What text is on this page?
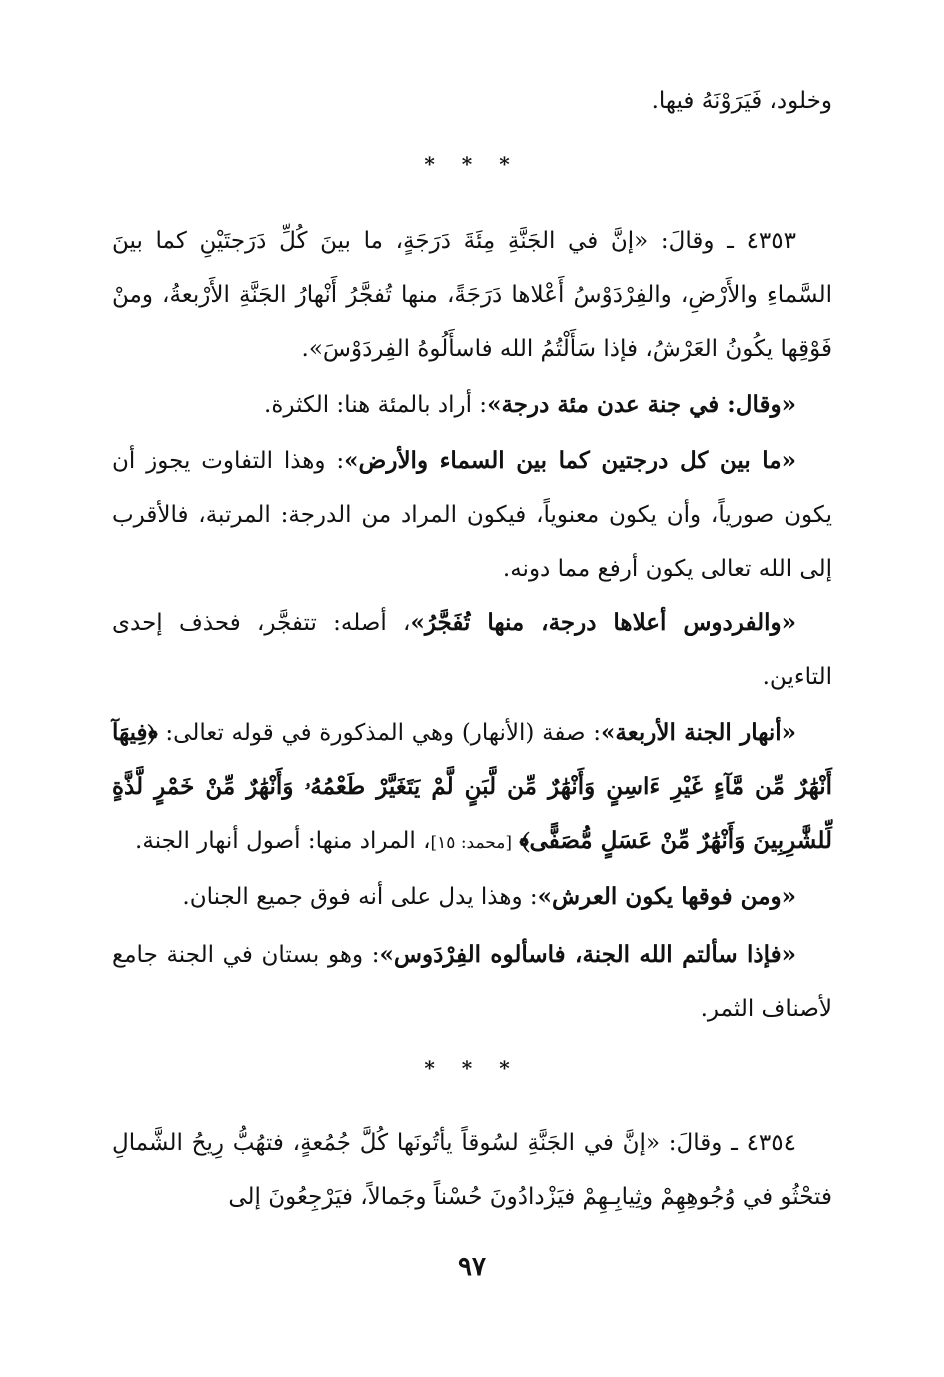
وخلود، فَيَرَوْنَهُ فيها.
* * *
٤٣٥٣ ـ وقالَ: «إنَّ في الجَنَّةِ مِئَةَ دَرَجَةٍ، ما بينَ كُلِّ دَرَجتَيْنِ كما بينَ السَّماءِ والأَرْضِ، والفِرْدَوْسُ أَعْلاها دَرَجَةً، منها تُفجَّرُ أَنْهارُ الجَنَّةِ الأَرْبعةُ، ومنْ فَوْقِها يكُونُ العَرْشُ، فإذا سَأَلْتُمُ الله فاسأَلُوهُ الفِردَوْسَ».
«وقال: في جنة عدن مئة درجة»: أراد بالمئة هنا: الكثرة.
«ما بين كل درجتين كما بين السماء والأرض»: وهذا التفاوت يجوز أن يكون صورياً، وأن يكون معنوياً، فيكون المراد من الدرجة: المرتبة، فالأقرب إلى الله تعالى يكون أرفع مما دونه.
«والفردوس أعلاها درجة، منها تُفَجَّرُ»، أصله: تتفجَّر، فحذف إحدى التاءين.
«أنهار الجنة الأربعة»: صفة (الأنهار) وهي المذكورة في قوله تعالى: ﴿فِيهَآ أَنْهَٰرٌ مِّن مَّآءٍ غَيْرِ ءَاسِنٍ وَأَنْهَٰرٌ مِّن لَّبَنٍ لَّمْ يَتَغَيَّرْ طَعْمُهُۥ وَأَنْهَٰرٌ مِّنْ خَمْرٍ لَّذَّةٍ لِّلشَّٰرِبِينَ وَأَنْهَٰرٌ مِّنْ عَسَلٍ مُّصَفًّى﴾ [محمد: ١٥]، المراد منها: أصول أنهار الجنة.
«ومن فوقها يكون العرش»: وهذا يدل على أنه فوق جميع الجنان.
«فإذا سألتم الله الجنة، فاسألوه الفِرْدَوس»: وهو بستان في الجنة جامع لأصناف الثمر.
* * *
٤٣٥٤ ـ وقالَ: «إنَّ في الجَنَّةِ لسُوقاً يأتُونَها كُلَّ جُمُعةٍ، فتهُبُّ رِيحُ الشَّمالِ فتحْثُو في وُجُوهِهِمْ وثِيابِـهِمْ فيَزْدادُونَ حُسْناً وجَمالاً، فيَرْجِعُونَ إلى
٩٧
